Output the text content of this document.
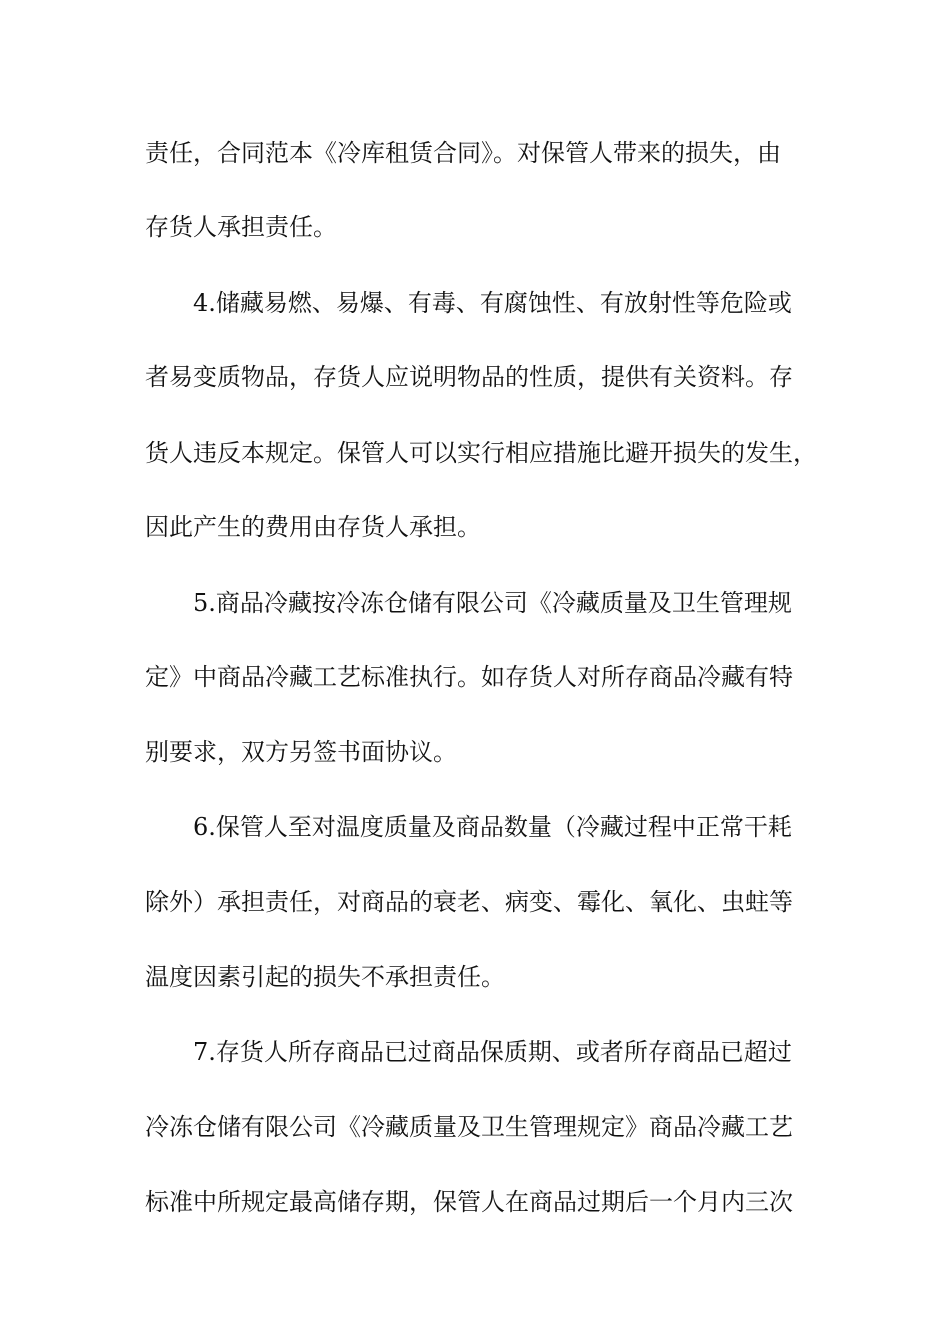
责任，合同范本《冷库租赁合同》。对保管人带来的损失，由
存货人承担责任。
4.储藏易燃、易爆、有毒、有腐蚀性、有放射性等危险或
者易变质物品，存货人应说明物品的性质，提供有关资料。存
货人违反本规定。保管人可以实行相应措施比避开损失的发生，
因此产生的费用由存货人承担。
5.商品冷藏按冷冻仓储有限公司《冷藏质量及卫生管理规
定》中商品冷藏工艺标准执行。如存货人对所存商品冷藏有特
别要求，双方另签书面协议。
6.保管人至对温度质量及商品数量（冷藏过程中正常干耗
除外）承担责任，对商品的衰老、病变、霉化、氧化、虫蛀等
温度因素引起的损失不承担责任。
7.存货人所存商品已过商品保质期、或者所存商品已超过
冷冻仓储有限公司《冷藏质量及卫生管理规定》商品冷藏工艺
标准中所规定最高储存期，保管人在商品过期后一个月内三次
